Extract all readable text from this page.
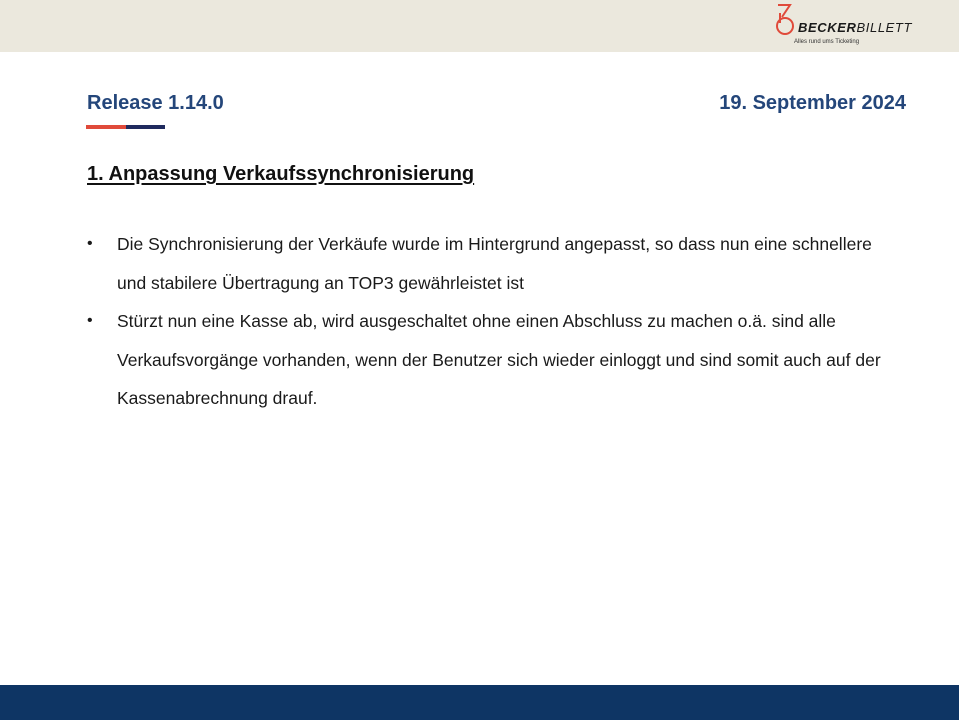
BECKERBILLETT
Alles rund ums Ticketing
Release 1.14.0	19. September 2024
1. Anpassung Verkaufssynchronisierung
• Die Synchronisierung der Verkäufe wurde im Hintergrund angepasst, so dass nun eine schnellere und stabilere Übertragung an TOP3 gewährleistet ist
• Stürzt nun eine Kasse ab, wird ausgeschaltet ohne einen Abschluss zu machen o.ä. sind alle Verkaufsvorgänge vorhanden, wenn der Benutzer sich wieder einloggt und sind somit auch auf der Kassenabrechnung drauf.
